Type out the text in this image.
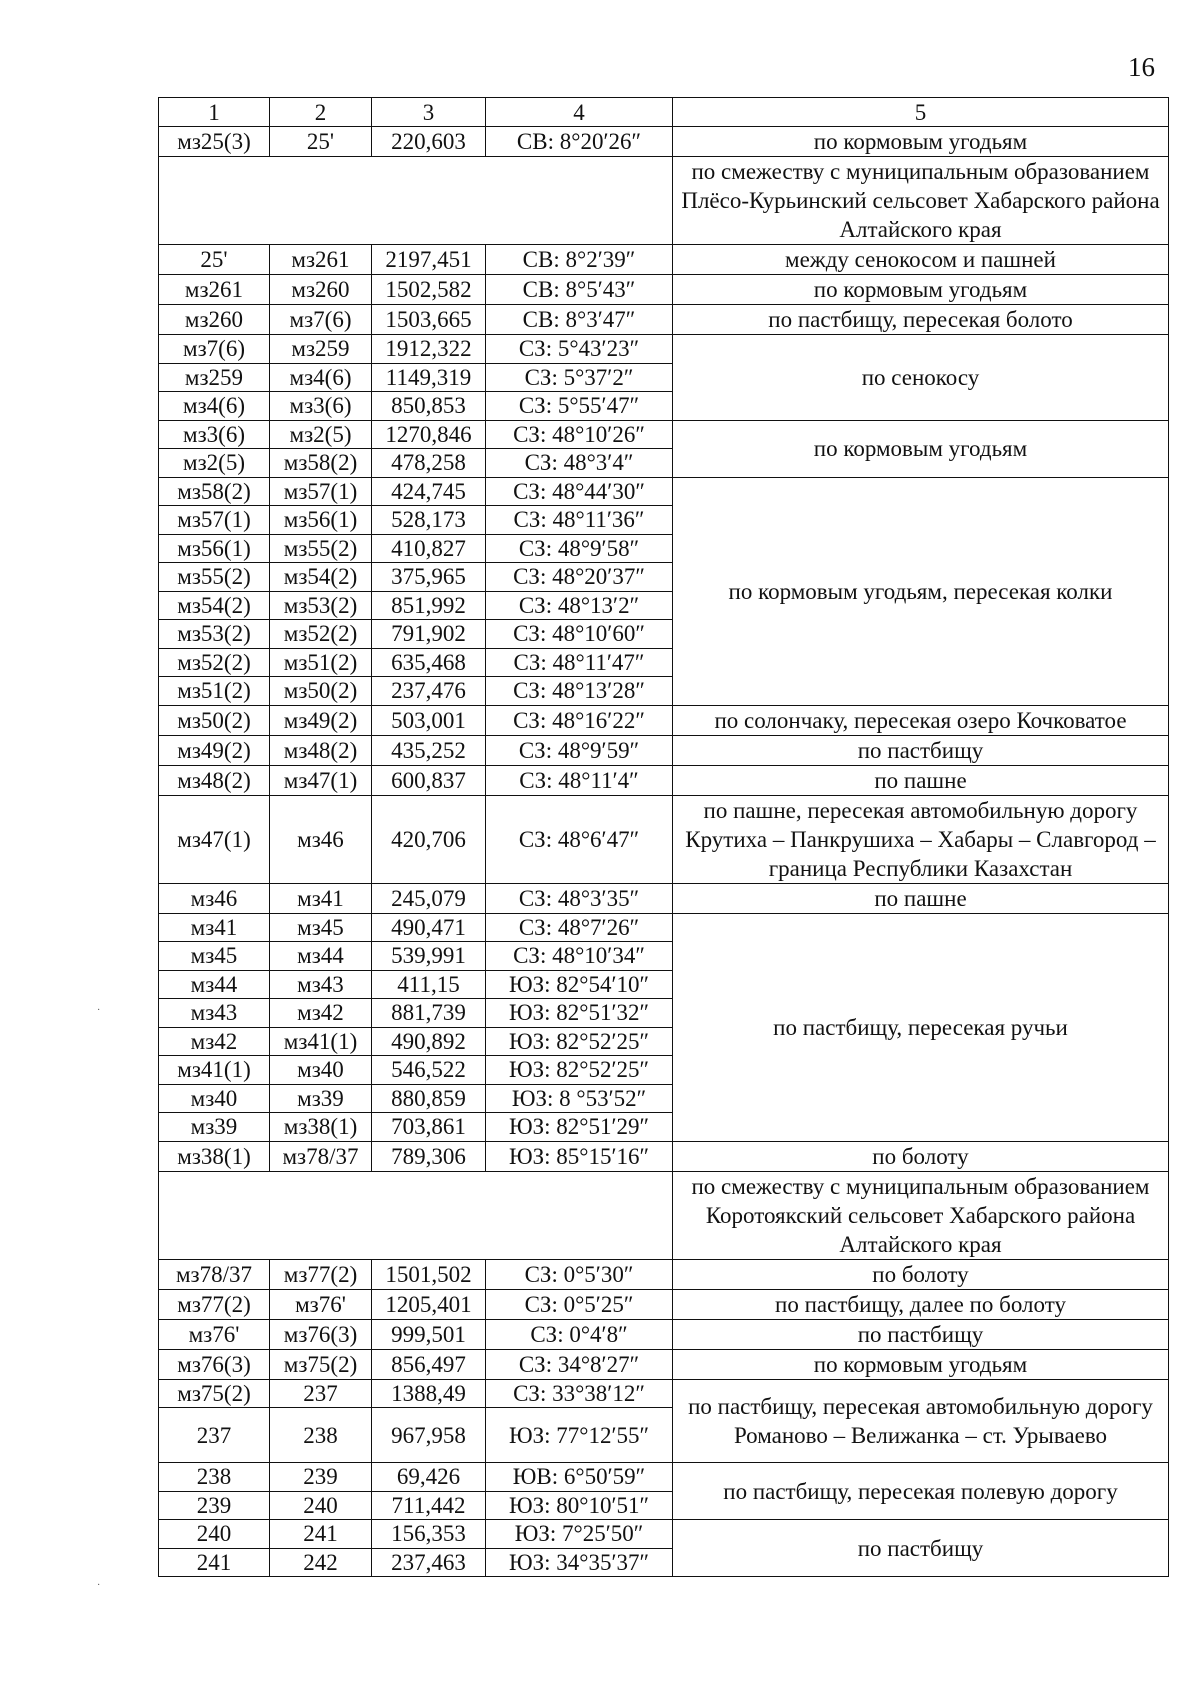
16
1	2	3	4	5
мз25(3)	25'	220,603	СВ: 8°20′26″	по кормовым угодьям
				по смежеству с муниципальным образованием Плёсо-Курьинский сельсовет Хабарского района Алтайского края
25'	мз261	2197,451	СВ: 8°2′39″	между сенокосом и пашней
мз261	мз260	1502,582	СВ: 8°5′43″	по кормовым угодьям
мз260	мз7(6)	1503,665	СВ: 8°3′47″	по пастбищу, пересекая болото
мз7(6)	мз259	1912,322	СЗ: 5°43′23″	по сенокосу
мз259	мз4(6)	1149,319	СЗ: 5°37′2″	
мз4(6)	мз3(6)	850,853	СЗ: 5°55′47″	
мз3(6)	мз2(5)	1270,846	СЗ: 48°10′26″	по кормовым угодьям
мз2(5)	мз58(2)	478,258	СЗ: 48°3′4″	
мз58(2)	мз57(1)	424,745	СЗ: 48°44′30″	по кормовым угодьям, пересекая колки
мз57(1)	мз56(1)	528,173	СЗ: 48°11′36″	
мз56(1)	мз55(2)	410,827	СЗ: 48°9′58″	
мз55(2)	мз54(2)	375,965	СЗ: 48°20′37″	
мз54(2)	мз53(2)	851,992	СЗ: 48°13′2″	
мз53(2)	мз52(2)	791,902	СЗ: 48°10′60″	
мз52(2)	мз51(2)	635,468	СЗ: 48°11′47″	
мз51(2)	мз50(2)	237,476	СЗ: 48°13′28″	
мз50(2)	мз49(2)	503,001	СЗ: 48°16′22″	по солончаку, пересекая озеро Кочковатое
мз49(2)	мз48(2)	435,252	СЗ: 48°9′59″	по пастбищу
мз48(2)	мз47(1)	600,837	СЗ: 48°11′4″	по пашне
мз47(1)	мз46	420,706	СЗ: 48°6′47″	по пашне, пересекая автомобильную дорогу Крутиха – Панкрушиха – Хабары – Славгород – граница Республики Казахстан
мз46	мз41	245,079	СЗ: 48°3′35″	по пашне
мз41	мз45	490,471	СЗ: 48°7′26″	по пастбищу, пересекая ручьи
мз45	мз44	539,991	СЗ: 48°10′34″	
мз44	мз43	411,15	ЮЗ: 82°54′10″	
мз43	мз42	881,739	ЮЗ: 82°51′32″	
мз42	мз41(1)	490,892	ЮЗ: 82°52′25″	
мз41(1)	мз40	546,522	ЮЗ: 82°52′25″	
мз40	мз39	880,859	ЮЗ: 8 °53′52″	
мз39	мз38(1)	703,861	ЮЗ: 82°51′29″	
мз38(1)	мз78/37	789,306	ЮЗ: 85°15′16″	по болоту
				по смежеству с муниципальным образованием Коротоякский сельсовет Хабарского района Алтайского края
мз78/37	мз77(2)	1501,502	СЗ: 0°5′30″	по болоту
мз77(2)	мз76'	1205,401	СЗ: 0°5′25″	по пастбищу, далее по болоту
мз76'	мз76(3)	999,501	СЗ: 0°4′8″	по пастбищу
мз76(3)	мз75(2)	856,497	СЗ: 34°8′27″	по кормовым угодьям
мз75(2)	237	1388,49	СЗ: 33°38′12″	по пастбищу, пересекая автомобильную дорогу Романово – Велижанка – ст. Урываево
237	238	967,958	ЮЗ: 77°12′55″	
238	239	69,426	ЮВ: 6°50′59″	по пастбищу, пересекая полевую дорогу
239	240	711,442	ЮЗ: 80°10′51″	
240	241	156,353	ЮЗ: 7°25′50″	по пастбищу
241	242	237,463	ЮЗ: 34°35′37″	
·
·
